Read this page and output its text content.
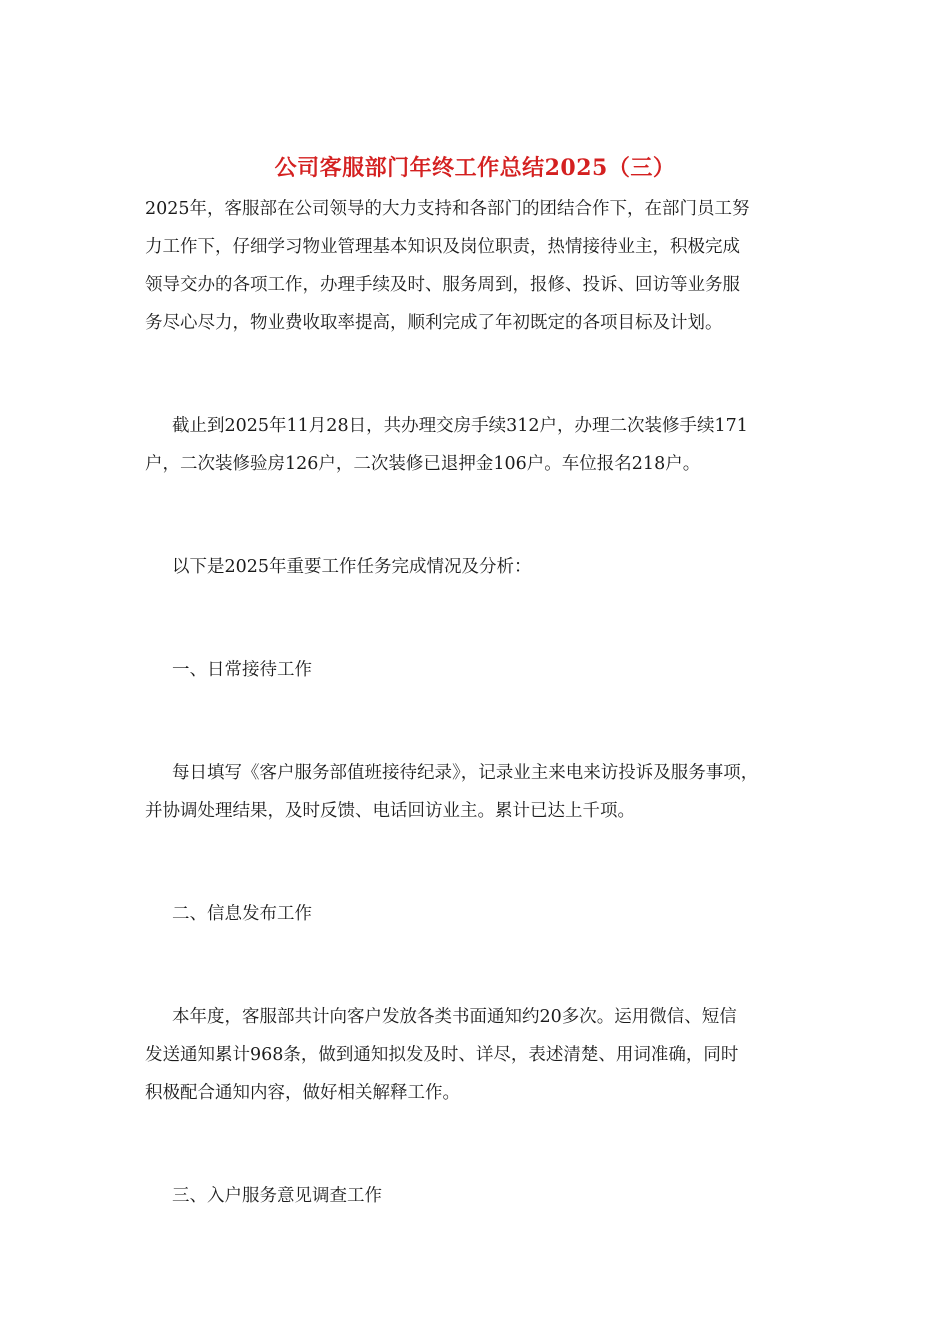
公司客服部门年终工作总结2025（三）

2025年，客服部在公司领导的大力支持和各部门的团结合作下，在部门员工努

力工作下，仔细学习物业管理基本知识及岗位职责，热情接待业主，积极完成

领导交办的各项工作，办理手续及时、服务周到，报修、投诉、回访等业务服

务尽心尽力，物业费收取率提高，顺利完成了年初既定的各项目标及计划。

截止到2025年11月28日，共办理交房手续312户，办理二次装修手续171

户，二次装修验房126户，二次装修已退押金106户。车位报名218户。

以下是2025年重要工作任务完成情况及分析：

一、日常接待工作

每日填写《客户服务部值班接待纪录》，记录业主来电来访投诉及服务事项，

并协调处理结果，及时反馈、电话回访业主。累计已达上千项。

二、信息发布工作

本年度，客服部共计向客户发放各类书面通知约20多次。运用微信、短信

发送通知累计968条，做到通知拟发及时、详尽，表述清楚、用词准确，同时

积极配合通知内容，做好相关解释工作。

三、入户服务意见调查工作
